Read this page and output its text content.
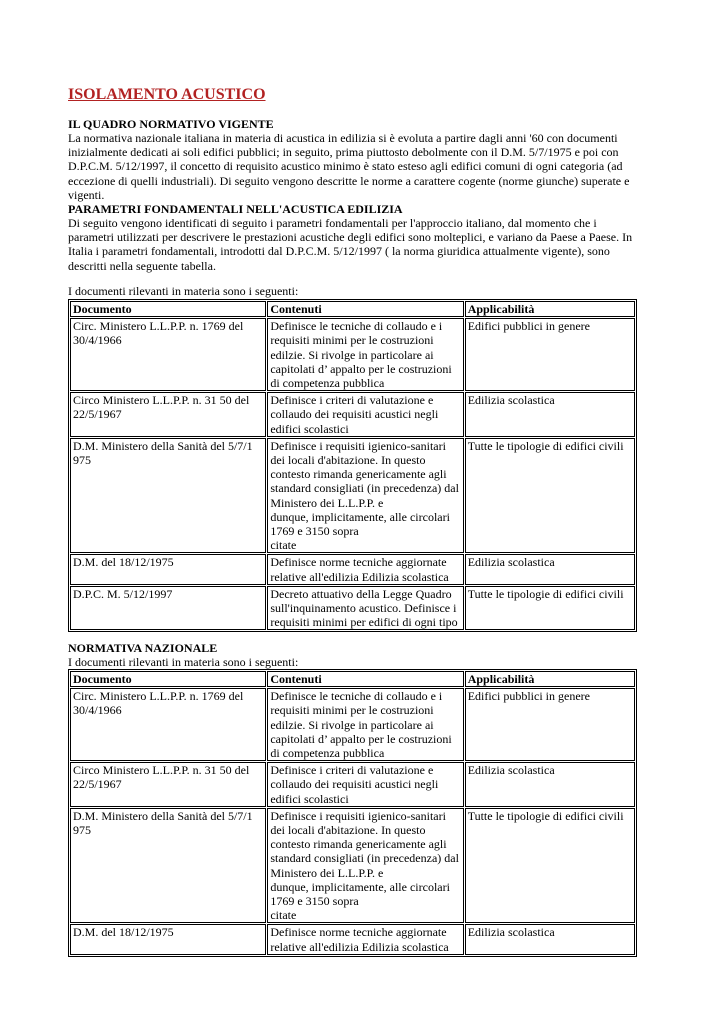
ISOLAMENTO ACUSTICO

IL QUADRO NORMATIVO VIGENTE

La normativa nazionale italiana in materia di acustica in edilizia si è evoluta a partire dagli anni '60 con documenti inizialmente dedicati ai soli edifici pubblici; in seguito, prima piuttosto debolmente con il D.M. 5/7/1975 e poi con D.P.C.M. 5/12/1997, il concetto di requisito acustico minimo è stato esteso agli edifici comuni di ogni categoria (ad eccezione di quelli industriali). Di seguito vengono descritte le norme a carattere cogente (norme giunche) superate e vigenti.

PARAMETRI FONDAMENTALI NELL'ACUSTICA EDILIZIA

Di seguito vengono identificati di seguito i parametri fondamentali per l'approccio italiano, dal momento che i parametri utilizzati per descrivere le prestazioni acustiche degli edifici sono molteplici, e variano da Paese a Paese. In Italia i parametri fondamentali, introdotti dal D.P.C.M. 5/12/1997 ( la norma giuridica attualmente vigente), sono descritti nella seguente tabella.

I documenti rilevanti in materia sono i seguenti:

Documento	Contenuti	Applicabilità
Circ. Ministero L.L.P.P. n. 1769 del 30/4/1966	Definisce le tecniche di collaudo e i requisiti minimi per le costruzioni edilzie. Si rivolge in particolare ai capitolati d’ appalto per le costruzioni di competenza pubblica	Edifici pubblici in genere
Circo Ministero L.L.P.P. n. 31 50 del 22/5/1967	Definisce i criteri di valutazione e collaudo dei requisiti acustici negli edifici scolastici	Edilizia scolastica
D.M. Ministero della Sanità del 5/7/1 975	Definisce i requisiti igienico-sanitari dei locali d'abitazione. In questo contesto rimanda genericamente agli standard consigliati (in precedenza) dal Ministero dei L.L.P.P. e
dunque, implicitamente, alle circolari 1769 e 3150 sopra
citate	Tutte le tipologie di edifici civili
D.M. del 18/12/1975	Definisce norme tecniche aggiornate relative all'edilizia Edilizia scolastica	Edilizia scolastica
D.P.C. M. 5/12/1997	Decreto attuativo della Legge Quadro sull'inquinamento acustico. Definisce i requisiti minimi per edifici di ogni tipo	Tutte le tipologie di edifici civili

NORMATIVA NAZIONALE

I documenti rilevanti in materia sono i seguenti:

Documento	Contenuti	Applicabilità
Circ. Ministero L.L.P.P. n. 1769 del 30/4/1966	Definisce le tecniche di collaudo e i requisiti minimi per le costruzioni edilzie. Si rivolge in particolare ai capitolati d’ appalto per le costruzioni di competenza pubblica	Edifici pubblici in genere
Circo Ministero L.L.P.P. n. 31 50 del 22/5/1967	Definisce i criteri di valutazione e collaudo dei requisiti acustici negli edifici scolastici	Edilizia scolastica
D.M. Ministero della Sanità del 5/7/1 975	Definisce i requisiti igienico-sanitari dei locali d'abitazione. In questo contesto rimanda genericamente agli standard consigliati (in precedenza) dal Ministero dei L.L.P.P. e
dunque, implicitamente, alle circolari 1769 e 3150 sopra
citate	Tutte le tipologie di edifici civili
D.M. del 18/12/1975	Definisce norme tecniche aggiornate relative all'edilizia Edilizia scolastica	Edilizia scolastica
